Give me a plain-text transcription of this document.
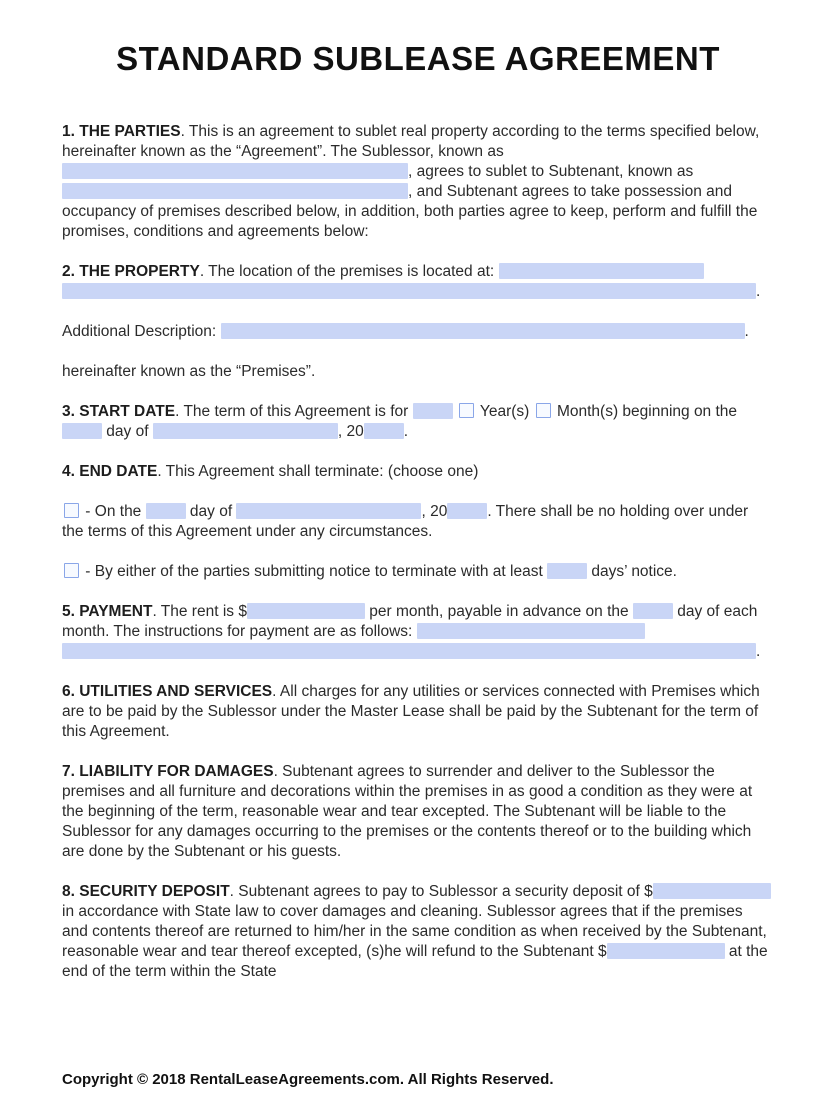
STANDARD SUBLEASE AGREEMENT

1. THE PARTIES. This is an agreement to sublet real property according to the terms specified below, hereinafter known as the “Agreement”. The Sublessor, known as , agrees to sublet to Subtenant, known as , and Subtenant agrees to take possession and occupancy of premises described below, in addition, both parties agree to keep, perform and fulfill the promises, conditions and agreements below:

2. THE PROPERTY. The location of the premises is located at: .

Additional Description:	.

hereinafter known as the “Premises”.

3. START DATE. The term of this Agreement is for	Year(s)  Month(s) beginning on the  day of	, 20	.

4. END DATE. This Agreement shall terminate: (choose one)

- On the	day of	, 20	. There shall be no holding over under the terms of this Agreement under any circumstances.

- By either of the parties submitting notice to terminate with at least	days’ notice.

5. PAYMENT. The rent is $	per month, payable in advance on the	day of each month. The instructions for payment are as follows: .

6. UTILITIES AND SERVICES. All charges for any utilities or services connected with Premises which are to be paid by the Sublessor under the Master Lease shall be paid by the Subtenant for the term of this Agreement.

7. LIABILITY FOR DAMAGES. Subtenant agrees to surrender and deliver to the Sublessor the premises and all furniture and decorations within the premises in as good a condition as they were at the beginning of the term, reasonable wear and tear excepted. The Subtenant will be liable to the Sublessor for any damages occurring to the premises or the contents thereof or to the building which are done by the Subtenant or his guests.

8. SECURITY DEPOSIT. Subtenant agrees to pay to Sublessor a security deposit of $ in accordance with State law to cover damages and cleaning. Sublessor agrees that if the premises and contents thereof are returned to him/her in the same condition as when received by the Subtenant, reasonable wear and tear thereof excepted, (s)he will refund to the Subtenant $	at the end of the term within the State

Copyright © 2018 RentalLeaseAgreements.com. All Rights Reserved.
